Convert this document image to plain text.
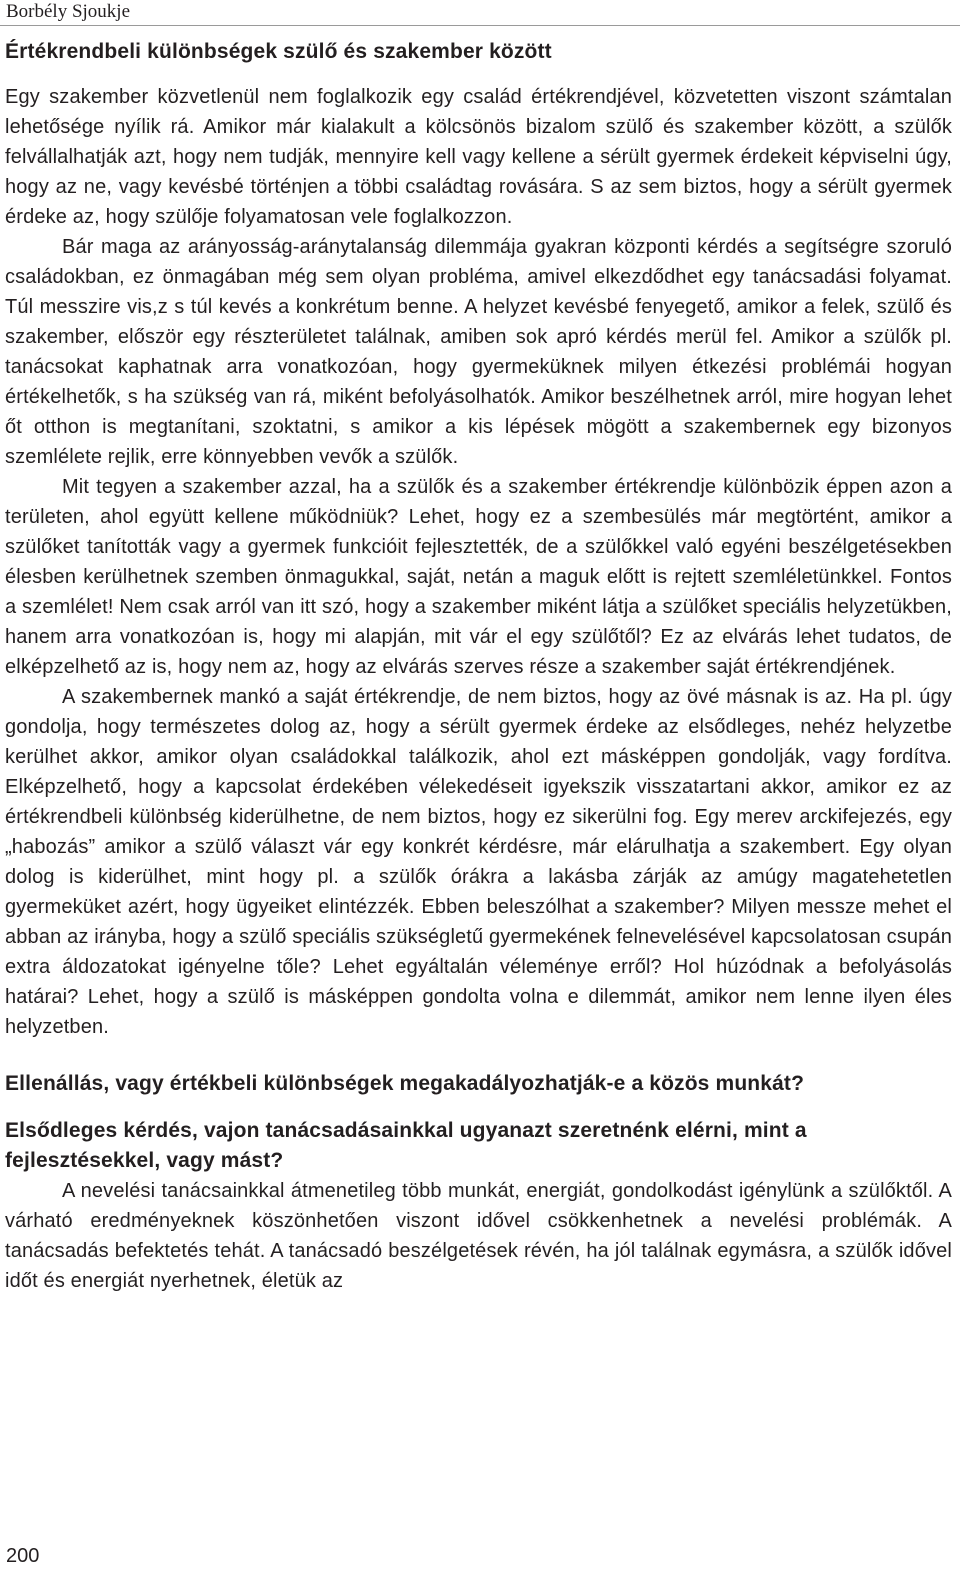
Borbély Sjoukje
Értékrendbeli különbségek szülő és szakember között

Egy szakember közvetlenül nem foglalkozik egy család értékrendjével, közvetetten viszont számtalan lehetősége nyílik rá. Amikor már kialakult a kölcsönös bizalom szülő és szakember között, a szülők felvállalhatják azt, hogy nem tudják, mennyire kell vagy kellene a sérült gyermek érdekeit képviselni úgy, hogy az ne, vagy kevésbé történjen a többi családtag rovására. S az sem biztos, hogy a sérült gyermek érdeke az, hogy szülője folyamatosan vele foglalkozzon.

Bár maga az arányosság-aránytalanság dilemmája gyakran központi kérdés a segítségre szoruló családokban, ez önmagában még sem olyan probléma, amivel elkezdődhet egy tanácsadási folyamat. Túl messzire vis,z s túl kevés a konkrétum benne. A helyzet kevésbé fenyegető, amikor a felek, szülő és szakember, először egy részterületet találnak, amiben sok apró kérdés merül fel. Amikor a szülők pl. tanácsokat kaphatnak arra vonatkozóan, hogy gyermeküknek milyen étkezési problémái hogyan értékelhetők, s ha szükség van rá, miként befolyásolhatók. Amikor beszélhetnek arról, mire hogyan lehet őt otthon is megtanítani, szoktatni, s amikor a kis lépések mögött a szakembernek egy bizonyos szemlélete rejlik, erre könnyebben vevők a szülők.

Mit tegyen a szakember azzal, ha a szülők és a szakember értékrendje különbözik éppen azon a területen, ahol együtt kellene működniük? Lehet, hogy ez a szembesülés már megtörtént, amikor a szülőket tanították vagy a gyermek funkcióit fejlesztették, de a szülőkkel való egyéni beszélgetésekben élesben kerülhetnek szemben önmagukkal, saját, netán a maguk előtt is rejtett szemléletünkkel. Fontos a szemlélet! Nem csak arról van itt szó, hogy a szakember miként látja a szülőket speciális helyzetükben, hanem arra vonatkozóan is, hogy mi alapján, mit vár el egy szülőtől? Ez az elvárás lehet tudatos, de elképzelhető az is, hogy nem az, hogy az elvárás szerves része a szakember saját értékrendjének.

A szakembernek mankó a saját értékrendje, de nem biztos, hogy az övé másnak is az. Ha pl. úgy gondolja, hogy természetes dolog az, hogy a sérült gyermek érdeke az elsődleges, nehéz helyzetbe kerülhet akkor, amikor olyan családokkal találkozik, ahol ezt másképpen gondolják, vagy fordítva. Elképzelhető, hogy a kapcsolat érdekében vélekedéseit igyekszik visszatartani akkor, amikor ez az értékrendbeli különbség kiderülhetne, de nem biztos, hogy ez sikerülni fog. Egy merev arckifejezés, egy „habozás” amikor a szülő választ vár egy konkrét kérdésre, már elárulhatja a szakembert. Egy olyan dolog is kiderülhet, mint hogy pl. a szülők órákra a lakásba zárják az amúgy magatehetetlen gyermeküket azért, hogy ügyeiket elintézzék. Ebben beleszólhat a szakember? Milyen messze mehet el abban az irányba, hogy a szülő speciális szükségletű gyermekének felnevelésével kapcsolatosan csupán extra áldozatokat igényelne tőle? Lehet egyáltalán véleménye erről? Hol húzódnak a befolyásolás határai? Lehet, hogy a szülő is másképpen gondolta volna e dilemmát, amikor nem lenne ilyen éles helyzetben.

Ellenállás, vagy értékbeli különbségek megakadályozhatják-e a közös munkát?
Elsődleges kérdés, vajon tanácsadásainkkal ugyanazt szeretnénk elérni, mint a fejlesztésekkel, vagy mást?

A nevelési tanácsainkkal átmenetileg több munkát, energiát, gondolkodást igénylünk a szülőktől. A várható eredményeknek köszönhetően viszont idővel csökkenhetnek a nevelési problémák. A tanácsadás befektetés tehát. A tanácsadó beszélgetések révén, ha jól találnak egymásra, a szülők idővel időt és energiát nyerhetnek, életük az

200
